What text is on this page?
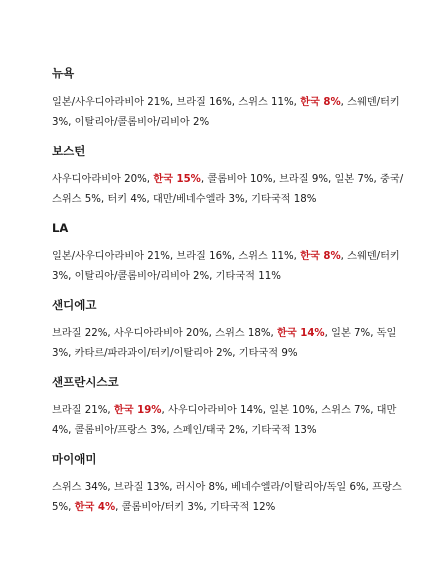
뉴욕

일본/사우디아라비아 21%, 브라질 16%, 스위스 11%, 한국 8%, 스웨덴/터키 3%, 이탈리아/콜롬비아/리비아 2%

보스턴

사우디아라비아 20%, 한국 15%, 콜롬비아 10%, 브라질 9%, 일본 7%, 중국/스위스 5%, 터키 4%, 대만/베네수엘라 3%, 기타국적 18%

LA

일본/사우디아라비아 21%, 브라질 16%, 스위스 11%, 한국 8%, 스웨덴/터키 3%, 이탈리아/콜롬비아/리비아 2%, 기타국적 11%

샌디에고

브라질 22%, 사우디아라비아 20%, 스위스 18%, 한국 14%, 일본 7%, 독일 3%, 카타르/파라과이/터키/이탈리아 2%, 기타국적 9%

샌프란시스코

브라질 21%, 한국 19%, 사우디아라비아 14%, 일본 10%, 스위스 7%, 대만 4%, 콜롬비아/프랑스 3%, 스페인/태국 2%, 기타국적 13%

마이애미

스위스 34%, 브라질 13%, 러시아 8%, 베네수엘라/이탈리아/독일 6%, 프랑스 5%, 한국 4%, 콜롬비아/터키 3%, 기타국적 12%
